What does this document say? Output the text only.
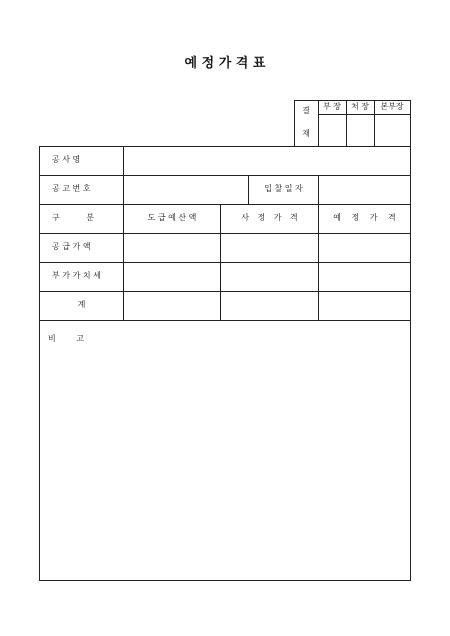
예 정 가 격 표
결
재
부 장	처 장	본부장
공 사 명
공 고 번 호	입 찰 일 자
구 분	도 급 예 산 액	사 정 가 격	예 정 가 격
공 급 가 액
부 가 가 치 세
계
비 고
